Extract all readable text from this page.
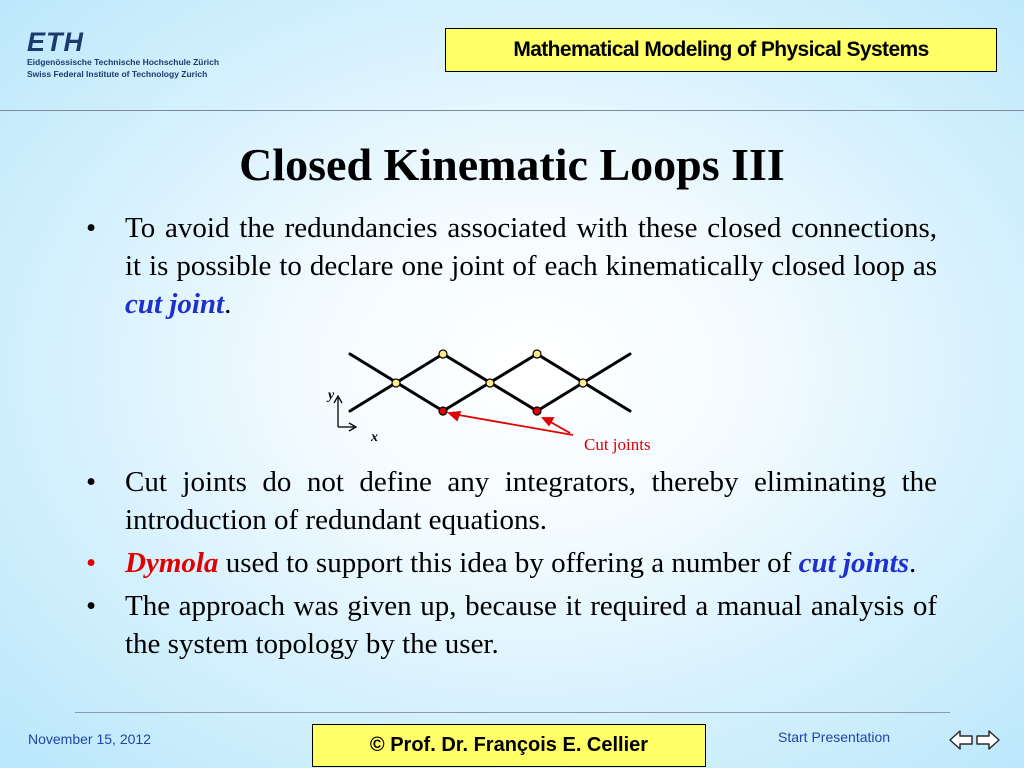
ETH
Eidgenössische Technische Hochschule Zürich
Swiss Federal Institute of Technology Zurich
Mathematical Modeling of Physical Systems
Closed Kinematic Loops III
• To avoid the redundancies associated with these closed connections, it is possible to declare one joint of each kinematically closed loop as cut joint.
y
x	Cut joints
• Cut joints do not define any integrators, thereby eliminating the introduction of redundant equations.
• Dymola used to support this idea by offering a number of cut joints.
• The approach was given up, because it required a manual analysis of the system topology by the user.
November 15, 2012	© Prof. Dr. François E. Cellier	Start Presentation
